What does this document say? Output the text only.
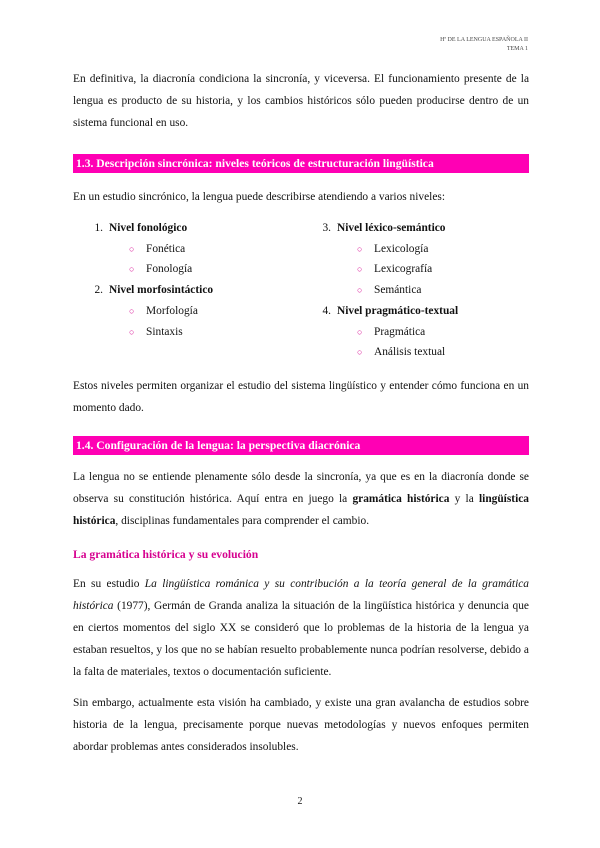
Hª DE LA LENGUA ESPAÑOLA II
TEMA 1

En definitiva, la diacronía condiciona la sincronía, y viceversa. El funcionamiento presente de la lengua es producto de su historia, y los cambios históricos sólo pueden producirse dentro de un sistema funcional en uso.

1.3. Descripción sincrónica: niveles teóricos de estructuración lingüística

En un estudio sincrónico, la lengua puede describirse atendiendo a varios niveles:

1. Nivel fonológico
○	Fonética
○	Fonología
2. Nivel morfosintáctico
○	Morfología
○	Sintaxis
3. Nivel léxico-semántico
○	Lexicología
○	Lexicografía
○	Semántica
4. Nivel pragmático-textual
○	Pragmática
○	Análisis textual

Estos niveles permiten organizar el estudio del sistema lingüístico y entender cómo funciona en un momento dado.

1.4. Configuración de la lengua: la perspectiva diacrónica

La lengua no se entiende plenamente sólo desde la sincronía, ya que es en la diacronía donde se observa su constitución histórica. Aquí entra en juego la gramática histórica y la lingüística histórica, disciplinas fundamentales para comprender el cambio.

La gramática histórica y su evolución

En su estudio La lingüística románica y su contribución a la teoría general de la gramática histórica (1977), Germán de Granda analiza la situación de la lingüística histórica y denuncia que en ciertos momentos del siglo XX se consideró que lo problemas de la historia de la lengua ya estaban resueltos, y los que no se habían resuelto probablemente nunca podrían resolverse, debido a la falta de materiales, textos o documentación suficiente.

Sin embargo, actualmente esta visión ha cambiado, y existe una gran avalancha de estudios sobre historia de la lengua, precisamente porque nuevas metodologías y nuevos enfoques permiten abordar problemas antes considerados insolubles.

2
